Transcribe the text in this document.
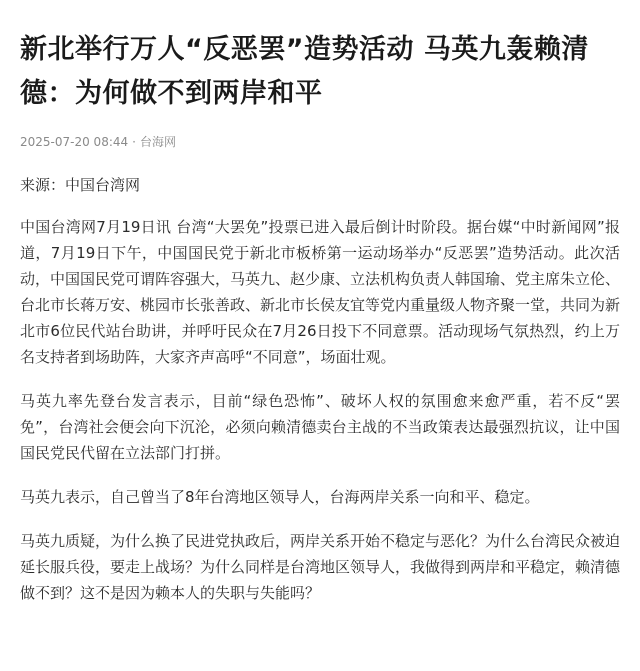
新北举行万人“反恶罢”造势活动 马英九轰赖清德：为何做不到两岸和平
2025-07-20 08:44 · 台海网

来源：中国台湾网

中国台湾网7月19日讯 台湾“大罢免”投票已进入最后倒计时阶段。据台媒“中时新闻网”报道，7月19日下午，中国国民党于新北市板桥第一运动场举办“反恶罢”造势活动。此次活动，中国国民党可谓阵容强大，马英九、赵少康、立法机构负责人韩国瑜、党主席朱立伦、台北市长蒋万安、桃园市长张善政、新北市长侯友宜等党内重量级人物齐聚一堂，共同为新北市6位民代站台助讲，并呼吁民众在7月26日投下不同意票。活动现场气氛热烈，约上万名支持者到场助阵，大家齐声高呼“不同意”，场面壮观。

马英九率先登台发言表示，目前“绿色恐怖”、破坏人权的氛围愈来愈严重，若不反“罢免”，台湾社会便会向下沉沦，必须向赖清德卖台主战的不当政策表达最强烈抗议，让中国国民党民代留在立法部门打拼。

马英九表示，自己曾当了8年台湾地区领导人，台海两岸关系一向和平、稳定。

马英九质疑，为什么换了民进党执政后，两岸关系开始不稳定与恶化？为什么台湾民众被迫延长服兵役，要走上战场？为什么同样是台湾地区领导人，我做得到两岸和平稳定，赖清德做不到？这不是因为赖本人的失职与失能吗？
